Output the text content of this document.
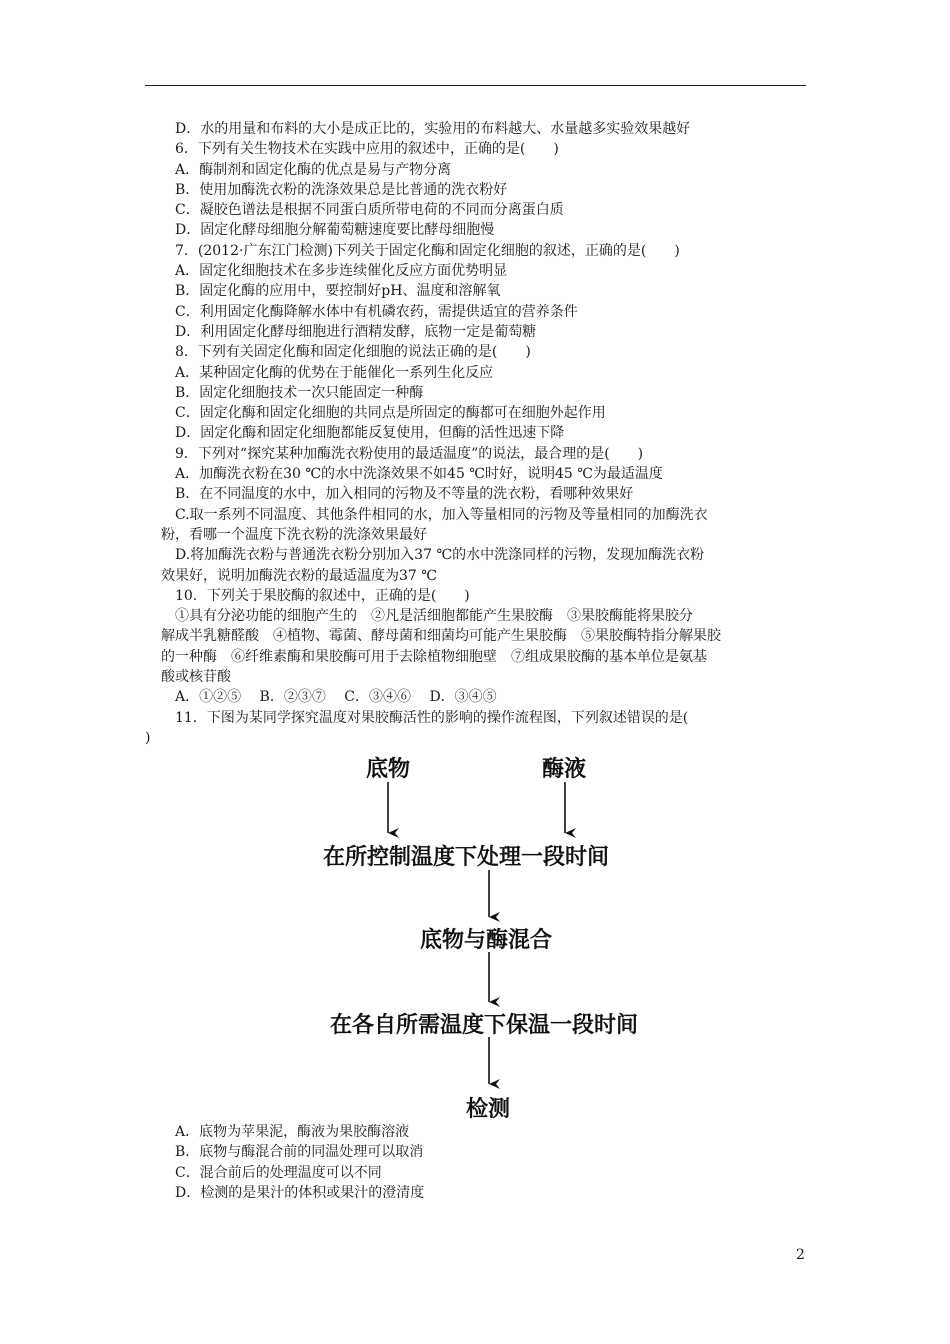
D．水的用量和布料的大小是成正比的，实验用的布料越大、水量越多实验效果越好
6．下列有关生物技术在实践中应用的叙述中，正确的是(　　)
A．酶制剂和固定化酶的优点是易与产物分离
B．使用加酶洗衣粉的洗涤效果总是比普通的洗衣粉好
C．凝胶色谱法是根据不同蛋白质所带电荷的不同而分离蛋白质
D．固定化酵母细胞分解葡萄糖速度要比酵母细胞慢
7．(2012·广东江门检测)下列关于固定化酶和固定化细胞的叙述，正确的是(　　)
A．固定化细胞技术在多步连续催化反应方面优势明显
B．固定化酶的应用中，要控制好pH、温度和溶解氧
C．利用固定化酶降解水体中有机磷农药，需提供适宜的营养条件
D．利用固定化酵母细胞进行酒精发酵，底物一定是葡萄糖
8．下列有关固定化酶和固定化细胞的说法正确的是(　　)
A．某种固定化酶的优势在于能催化一系列生化反应
B．固定化细胞技术一次只能固定一种酶
C．固定化酶和固定化细胞的共同点是所固定的酶都可在细胞外起作用
D．固定化酶和固定化细胞都能反复使用，但酶的活性迅速下降
9．下列对“探究某种加酶洗衣粉使用的最适温度”的说法，最合理的是(　　)
A．加酶洗衣粉在30 ℃的水中洗涤效果不如45 ℃时好，说明45 ℃为最适温度
B．在不同温度的水中，加入相同的污物及不等量的洗衣粉，看哪种效果好
C.取一系列不同温度、其他条件相同的水，加入等量相同的污物及等量相同的加酶洗衣
粉，看哪一个温度下洗衣粉的洗涤效果最好
D.将加酶洗衣粉与普通洗衣粉分别加入37 ℃的水中洗涤同样的污物，发现加酶洗衣粉
效果好，说明加酶洗衣粉的最适温度为37 ℃
10．下列关于果胶酶的叙述中，正确的是(　　)
①具有分泌功能的细胞产生的　②凡是活细胞都能产生果胶酶　③果胶酶能将果胶分
解成半乳糖醛酸　④植物、霉菌、酵母菌和细菌均可能产生果胶酶　⑤果胶酶特指分解果胶
的一种酶　⑥纤维素酶和果胶酶可用于去除植物细胞壁　⑦组成果胶酶的基本单位是氨基
酸或核苷酸
A．①②⑤　 B．②③⑦　 C．③④⑥　 D．③④⑤
11．下图为某同学探究温度对果胶酶活性的影响的操作流程图，下列叙述错误的是(
)
底物	酶液
在所控制温度下处理一段时间
底物与酶混合
在各自所需温度下保温一段时间
检测
A．底物为苹果泥，酶液为果胶酶溶液
B．底物与酶混合前的同温处理可以取消
C．混合前后的处理温度可以不同
D．检测的是果汁的体积或果汁的澄清度
2
